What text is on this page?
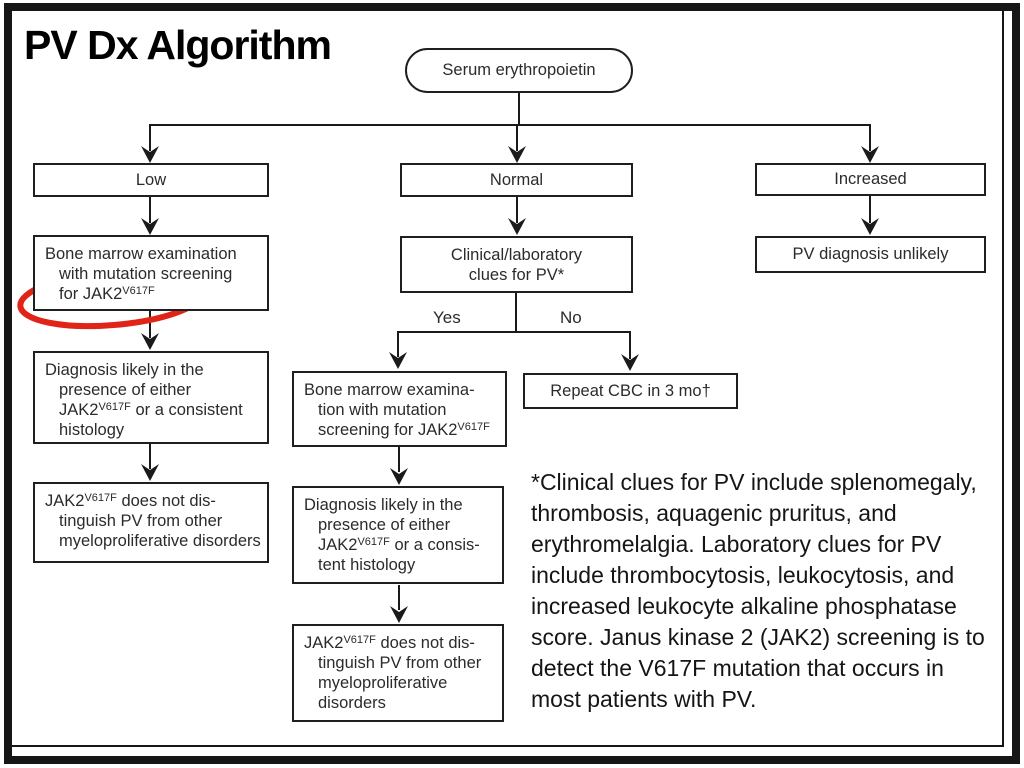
PV Dx Algorithm
Serum erythropoietin
Low	Normal	Increased
Bone marrow examination
with mutation screening
for $JAK2^{V617F}$
Diagnosis likely in the
presence of either
$JAK2^{V617F}$ or a consistent
histology
$JAK2^{V617F}$ does not dis-
tinguish PV from other
myeloproliferative disorders
Clinical/laboratory
clues for PV*
Yes	No
Bone marrow examina-
tion with mutation
screening for $JAK2^{V617F}$
Repeat CBC in 3 mo†
Diagnosis likely in the
presence of either
$JAK2^{V617F}$ or a consis-
tent histology
$JAK2^{V617F}$ does not dis-
tinguish PV from other
myeloproliferative
disorders
PV diagnosis unlikely
*Clinical clues for PV include splenomegaly,
thrombosis, aquagenic pruritus, and
erythromelalgia. Laboratory clues for PV
include thrombocytosis, leukocytosis, and
increased leukocyte alkaline phosphatase
score. Janus kinase 2 (JAK2) screening is to
detect the V617F mutation that occurs in
most patients with PV.
